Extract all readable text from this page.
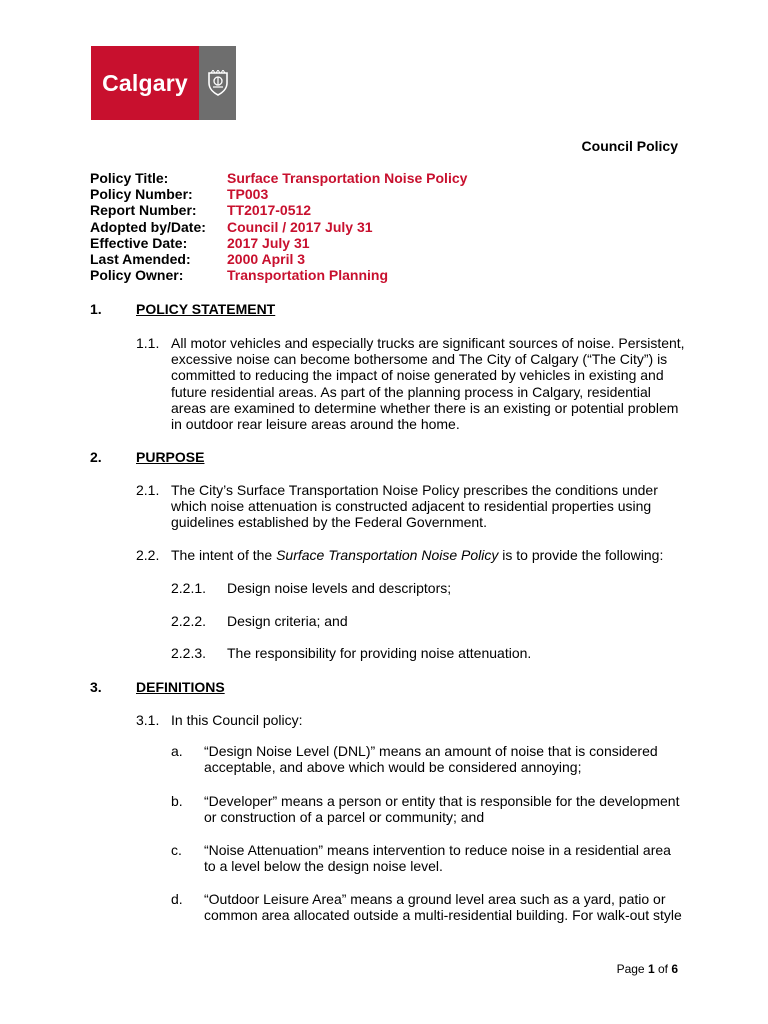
Calgary
Council Policy
Policy Title:	Surface Transportation Noise Policy
Policy Number:	TP003
Report Number:	TT2017-0512
Adopted by/Date:	Council / 2017 July 31
Effective Date:	2017 July 31
Last Amended:	2000 April 3
Policy Owner:	Transportation Planning
1.	POLICY STATEMENT
1.1. All motor vehicles and especially trucks are significant sources of noise. Persistent, excessive noise can become bothersome and The City of Calgary (“The City”) is committed to reducing the impact of noise generated by vehicles in existing and future residential areas. As part of the planning process in Calgary, residential areas are examined to determine whether there is an existing or potential problem in outdoor rear leisure areas around the home.
2.	PURPOSE
2.1. The City’s Surface Transportation Noise Policy prescribes the conditions under which noise attenuation is constructed adjacent to residential properties using guidelines established by the Federal Government.
2.2. The intent of the Surface Transportation Noise Policy is to provide the following:
2.2.1.	Design noise levels and descriptors;
2.2.2.	Design criteria; and
2.2.3.	The responsibility for providing noise attenuation.
3.	DEFINITIONS
3.1. In this Council policy:
a.	“Design Noise Level (DNL)” means an amount of noise that is considered acceptable, and above which would be considered annoying;
b.	“Developer” means a person or entity that is responsible for the development or construction of a parcel or community; and
c.	“Noise Attenuation” means intervention to reduce noise in a residential area to a level below the design noise level.
d.	“Outdoor Leisure Area” means a ground level area such as a yard, patio or common area allocated outside a multi-residential building. For walk-out style
Page 1 of 6
